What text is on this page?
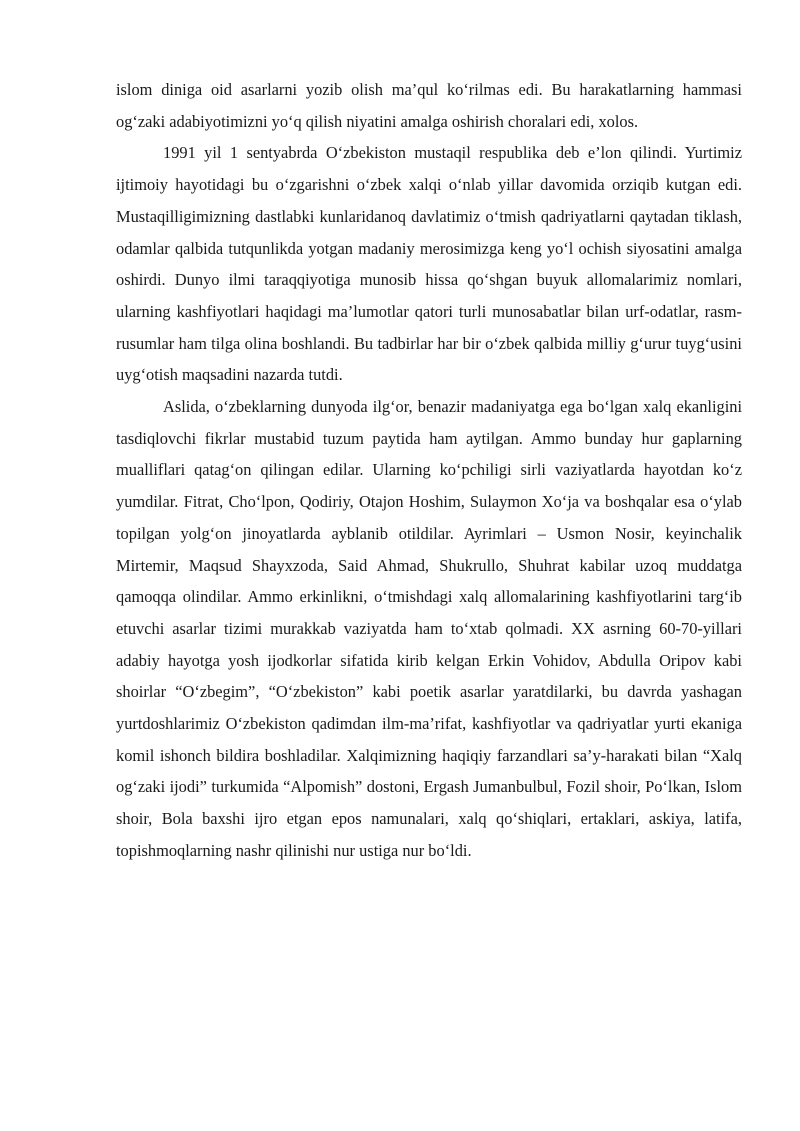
islom diniga oid asarlarni yozib olish ma’qul ko‘rilmas edi. Bu harakatlarning hammasi og‘zaki adabiyotimizni yo‘q qilish niyatini amalga oshirish choralari edi, xolos.

1991 yil 1 sentyabrda O‘zbekiston mustaqil respublika deb e’lon qilindi. Yurtimiz ijtimoiy hayotidagi bu o‘zgarishni o‘zbek xalqi o‘nlab yillar davomida orziqib kutgan edi. Mustaqilligimizning dastlabki kunlaridanoq davlatimiz o‘tmish qadriyatlarni qaytadan tiklash, odamlar qalbida tutqunlikda yotgan madaniy merosimizga keng yo‘l ochish siyosatini amalga oshirdi. Dunyo ilmi taraqqiyotiga munosib hissa qo‘shgan buyuk allomalarimiz nomlari, ularning kashfiyotlari haqidagi ma’lumotlar qatori turli munosabatlar bilan urf-odatlar, rasm-rusumlar ham tilga olina boshlandi. Bu tadbirlar har bir o‘zbek qalbida milliy g‘urur tuyg‘usini uyg‘otish maqsadini nazarda tutdi.

Aslida, o‘zbeklarning dunyoda ilg‘or, benazir madaniyatga ega bo‘lgan xalq ekanligini tasdiqlovchi fikrlar mustabid tuzum paytida ham aytilgan. Ammo bunday hur gaplarning mualliflari qatag‘on qilingan edilar. Ularning ko‘pchiligi sirli vaziyatlarda hayotdan ko‘z yumdilar. Fitrat, Cho‘lpon, Qodiriy, Otajon Hoshim, Sulaymon Xo‘ja va boshqalar esa o‘ylab topilgan yolg‘on jinoyatlarda ayblanib otildilar. Ayrimlari – Usmon Nosir, keyinchalik Mirtemir, Maqsud Shayxzoda, Said Ahmad, Shukrullo, Shuhrat kabilar uzoq muddatga qamoqqa olindilar. Ammo erkinlikni, o‘tmishdagi xalq allomalarining kashfiyotlarini targ‘ib etuvchi asarlar tizimi murakkab vaziyatda ham to‘xtab qolmadi. XX asrning 60-70-yillari adabiy hayotga yosh ijodkorlar sifatida kirib kelgan Erkin Vohidov, Abdulla Oripov kabi shoirlar “O‘zbegim”, “O‘zbekiston” kabi poetik asarlar yaratdilarki, bu davrda yashagan yurtdoshlarimiz O‘zbekiston qadimdan ilm-ma’rifat, kashfiyotlar va qadriyatlar yurti ekaniga komil ishonch bildira boshladilar. Xalqimizning haqiqiy farzandlari sa’y-harakati bilan “Xalq og‘zaki ijodi” turkumida “Alpomish” dostoni, Ergash Jumanbulbul, Fozil shoir, Po‘lkan, Islom shoir, Bola baxshi ijro etgan epos namunalari, xalq qo‘shiqlari, ertaklari, askiya, latifa, topishmoqlarning nashr qilinishi nur ustiga nur bo‘ldi.
